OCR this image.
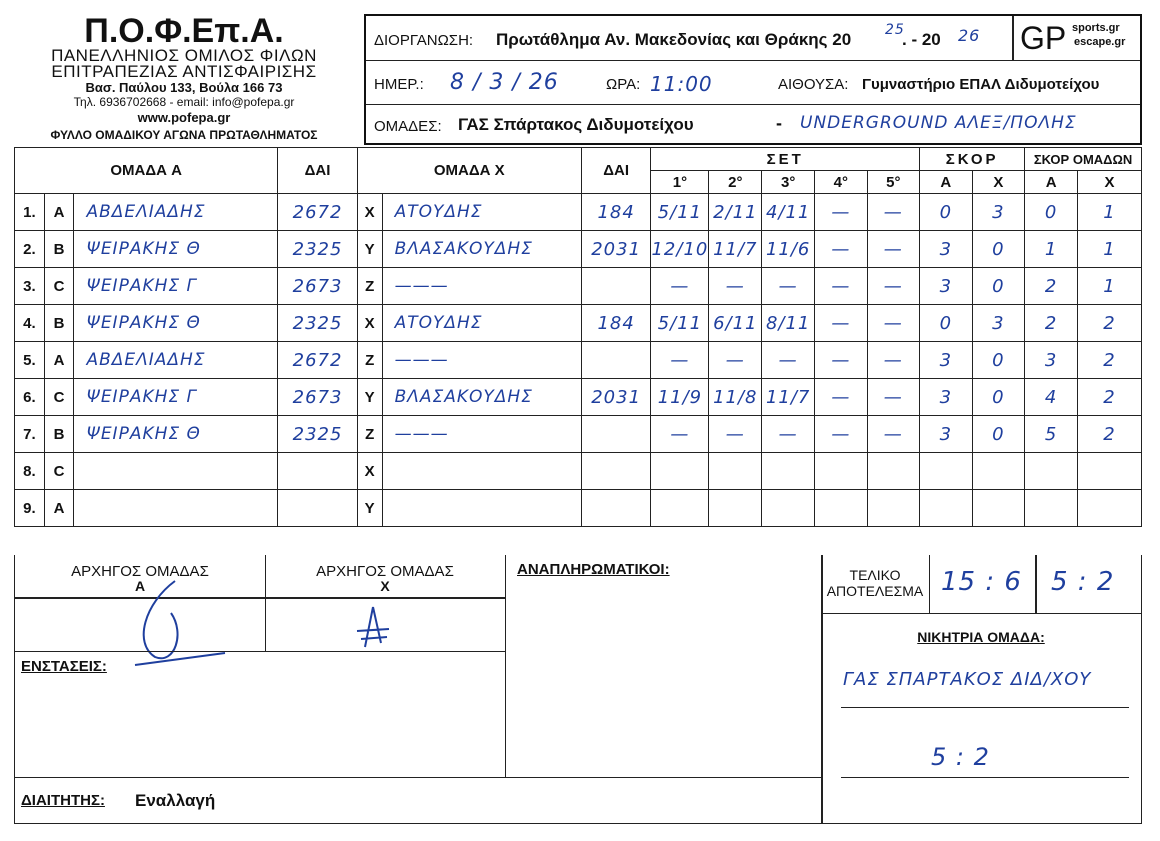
Π.Ο.Φ.Επ.Α.
ΠΑΝΕΛΛΗΝΙΟΣ ΟΜΙΛΟΣ ΦΙΛΩΝ
ΕΠΙΤΡΑΠΕΖΙΑΣ ΑΝΤΙΣΦΑΙΡΙΣΗΣ
Βασ. Παύλου 133, Βούλα 166 73
Τηλ. 6936702668 - email: info@pofepa.gr
www.pofepa.gr
ΦΥΛΛΟ ΟΜΑΔΙΚΟΥ ΑΓΩΝΑ ΠΡΩΤΑΘΛΗΜΑΤΟΣ
ΔΙΟΡΓΑΝΩΣΗ: Πρωτάθλημα Αν. Μακεδονίας και Θράκης 20 25
. - 20 26 GP sports.gr
escape.gr
ΗΜΕΡ.: 8 / 3 / 26	ΩΡΑ: 11:00	ΑΙΘΟΥΣΑ: Γυμναστήριο ΕΠΑΛ Διδυμοτείχου
ΟΜΑΔΕΣ: ΓΑΣ Σπάρτακος Διδυμοτείχου	- UNDERGROUND ΑΛΕΞ/ΠΟΛΗΣ
ΟΜΑΔΑ A			ΔΑΙ	ΟΜΑΔΑ X		ΔΑΙ	ΣΕΤ					ΣΚΟΡ		ΣΚΟΡ ΟΜΑΔΩΝ	
							1°	2°	3°	4°	5°	A	X	A	X
1.	A	ΑΒΔΕΛΙΑΔΗΣ	2672	X	ΑΤΟΥΔΗΣ	184	5/11	2/11	4/11	—	—	0	3	0	1
2.	B	ΨΕΙΡΑΚΗΣ Θ	2325	Y	ΒΛΑΣΑΚΟΥΔΗΣ	2031	12/10	11/7	11/6	—	—	3	0	1	1
3.	C	ΨΕΙΡΑΚΗΣ Γ	2673	Z	———		—	—	—	—	—	3	0	2	1
4.	B	ΨΕΙΡΑΚΗΣ Θ	2325	X	ΑΤΟΥΔΗΣ	184	5/11	6/11	8/11	—	—	0	3	2	2
5.	A	ΑΒΔΕΛΙΑΔΗΣ	2672	Z	———		—	—	—	—	—	3	0	3	2
6.	C	ΨΕΙΡΑΚΗΣ Γ	2673	Y	ΒΛΑΣΑΚΟΥΔΗΣ	2031	11/9	11/8	11/7	—	—	3	0	4	2
7.	B	ΨΕΙΡΑΚΗΣ Θ	2325	Z	———		—	—	—	—	—	3	0	5	2
8.	C			X											
9.	A			Y											
ΑΡΧΗΓΟΣ ΟΜΑΔΑΣ
A
ΑΡΧΗΓΟΣ ΟΜΑΔΑΣ
X
ΕΝΣΤΑΣΕΙΣ:
ΔΙΑΙΤΗΤΗΣ: Εναλλαγή
ΑΝΑΠΛΗΡΩΜΑΤΙΚΟΙ:	ΤΕΛΙΚΟ
ΑΠΟΤΕΛΕΣΜΑ 15 : 6 5 : 2
ΝΙΚΗΤΡΙΑ ΟΜΑΔΑ:
ΓΑΣ ΣΠΑΡΤΑΚΟΣ ΔΙΔ/ΧΟΥ
5 : 2
